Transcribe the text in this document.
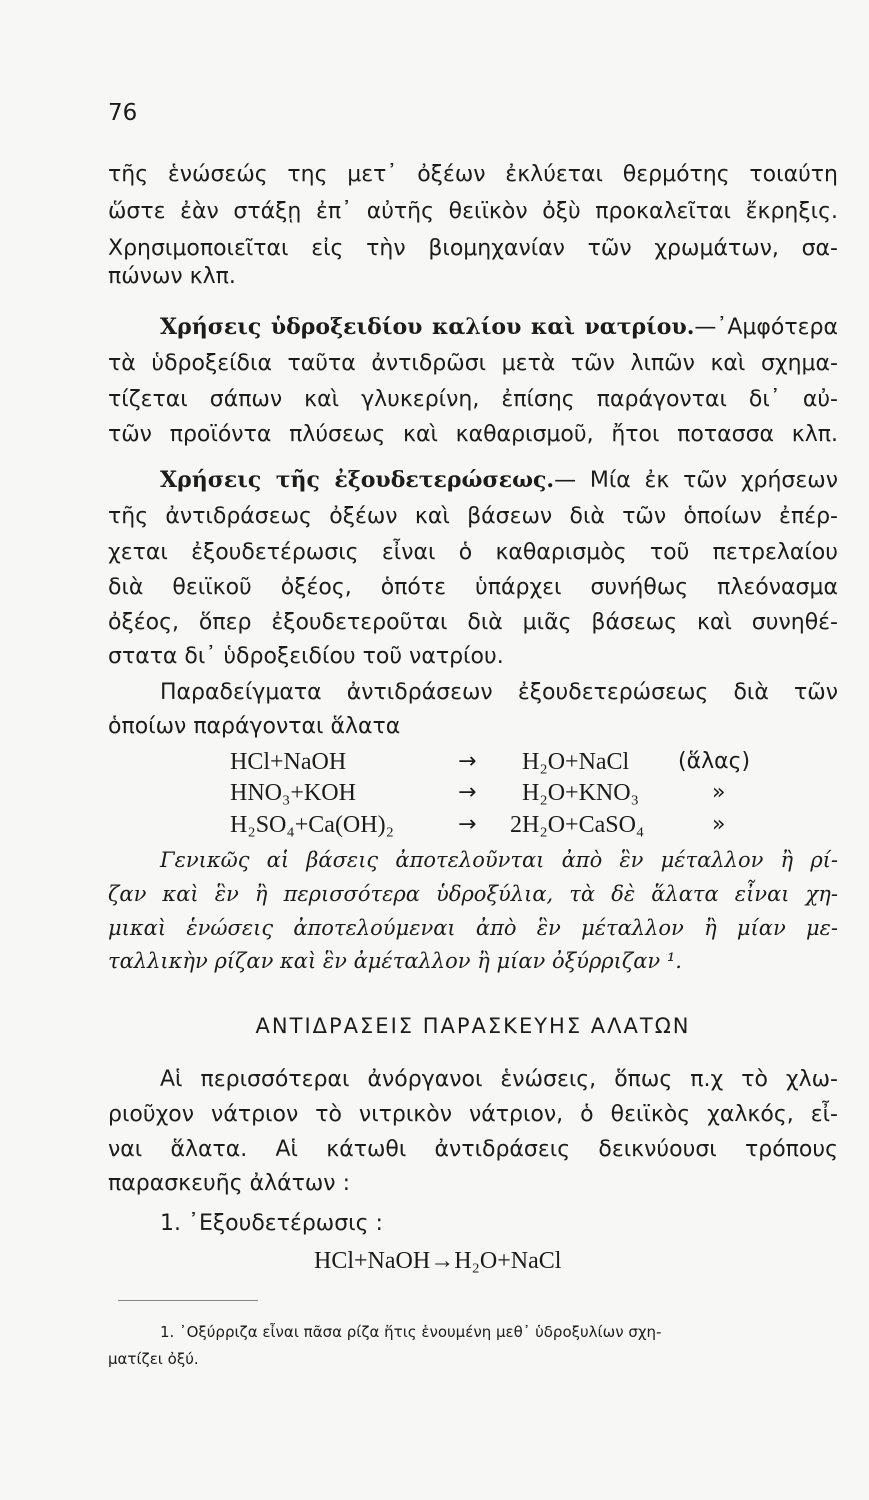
76
τῆς ἑνώσεώς της μετ᾿ ὀξέων ἐκλύεται θερμότης τοιαύτη
ὥστε ἐὰν στάξῃ ἐπ᾿ αὐτῆς θειϊκὸν ὀξὺ προκαλεῖται ἔκρηξις.
Χρησιμοποιεῖται εἰς τὴν βιομηχανίαν τῶν χρωμάτων, σα-
πώνων κλπ.
Χρήσεις ὑδροξειδίου καλίου καὶ νατρίου.—᾿Αμφότερα
τὰ ὑδροξείδια ταῦτα ἀντιδρῶσι μετὰ τῶν λιπῶν καὶ σχημα-
τίζεται σάπων καὶ γλυκερίνη, ἐπίσης παράγονται δι᾿ αὐ-
τῶν προϊόντα πλύσεως καὶ καθαρισμοῦ, ἤτοι ποτασσα κλπ.
Χρήσεις τῆς ἐξουδετερώσεως.— Μία ἐκ τῶν χρήσεων
τῆς ἀντιδράσεως ὀξέων καὶ βάσεων διὰ τῶν ὁποίων ἐπέρ-
χεται ἐξουδετέρωσις εἶναι ὁ καθαρισμὸς τοῦ πετρελαίου
διὰ θειϊκοῦ ὀξέος, ὁπότε ὑπάρχει συνήθως πλεόνασμα
ὀξέος, ὅπερ ἐξουδετεροῦται διὰ μιᾶς βάσεως καὶ συνηθέ-
στατα δι᾿ ὑδροξειδίου τοῦ νατρίου.
Παραδείγματα ἀντιδράσεων ἐξουδετερώσεως διὰ τῶν
ὁποίων παράγονται ἅλατα
HCl+NaOH	→ H₂O+NaCl (ἅλας)
HNO₃+KOH	→ H₂O+KNO₃	»
H₂SO₄+Ca(OH)₂	→ 2H₂O+CaSO₄	»
Γενικῶς αἱ βάσεις ἀποτελοῦνται ἀπὸ ἓν μέταλλον ἢ ρί-
ζαν καὶ ἓν ἢ περισσότερα ὑδροξύλια, τὰ δὲ ἅλατα εἶναι χη-
μικαὶ ἑνώσεις ἀποτελούμεναι ἀπὸ ἓν μέταλλον ἢ μίαν με-
ταλλικὴν ρίζαν καὶ ἓν ἀμέταλλον ἢ μίαν ὀξύρριζαν ¹.
ΑΝΤΙΔΡΑΣΕΙΣ ΠΑΡΑΣΚΕΥΗΣ ΑΛΑΤΩΝ
Αἱ περισσότεραι ἀνόργανοι ἑνώσεις, ὅπως π.χ τὸ χλω-
ριοῦχον νάτριον τὸ νιτρικὸν νάτριον, ὁ θειϊκὸς χαλκός, εἶ-
ναι ἅλατα. Αἱ κάτωθι ἀντιδράσεις δεικνύουσι τρόπους
παρασκευῆς ἀλάτων :
1. ᾿Εξουδετέρωσις :
HCl+NaOH→H₂O+NaCl
1. ᾿Οξύρριζα εἶναι πᾶσα ρίζα ἥτις ἑνουμένη μεθ᾿ ὑδροξυλίων σχη-
ματίζει ὀξύ.
